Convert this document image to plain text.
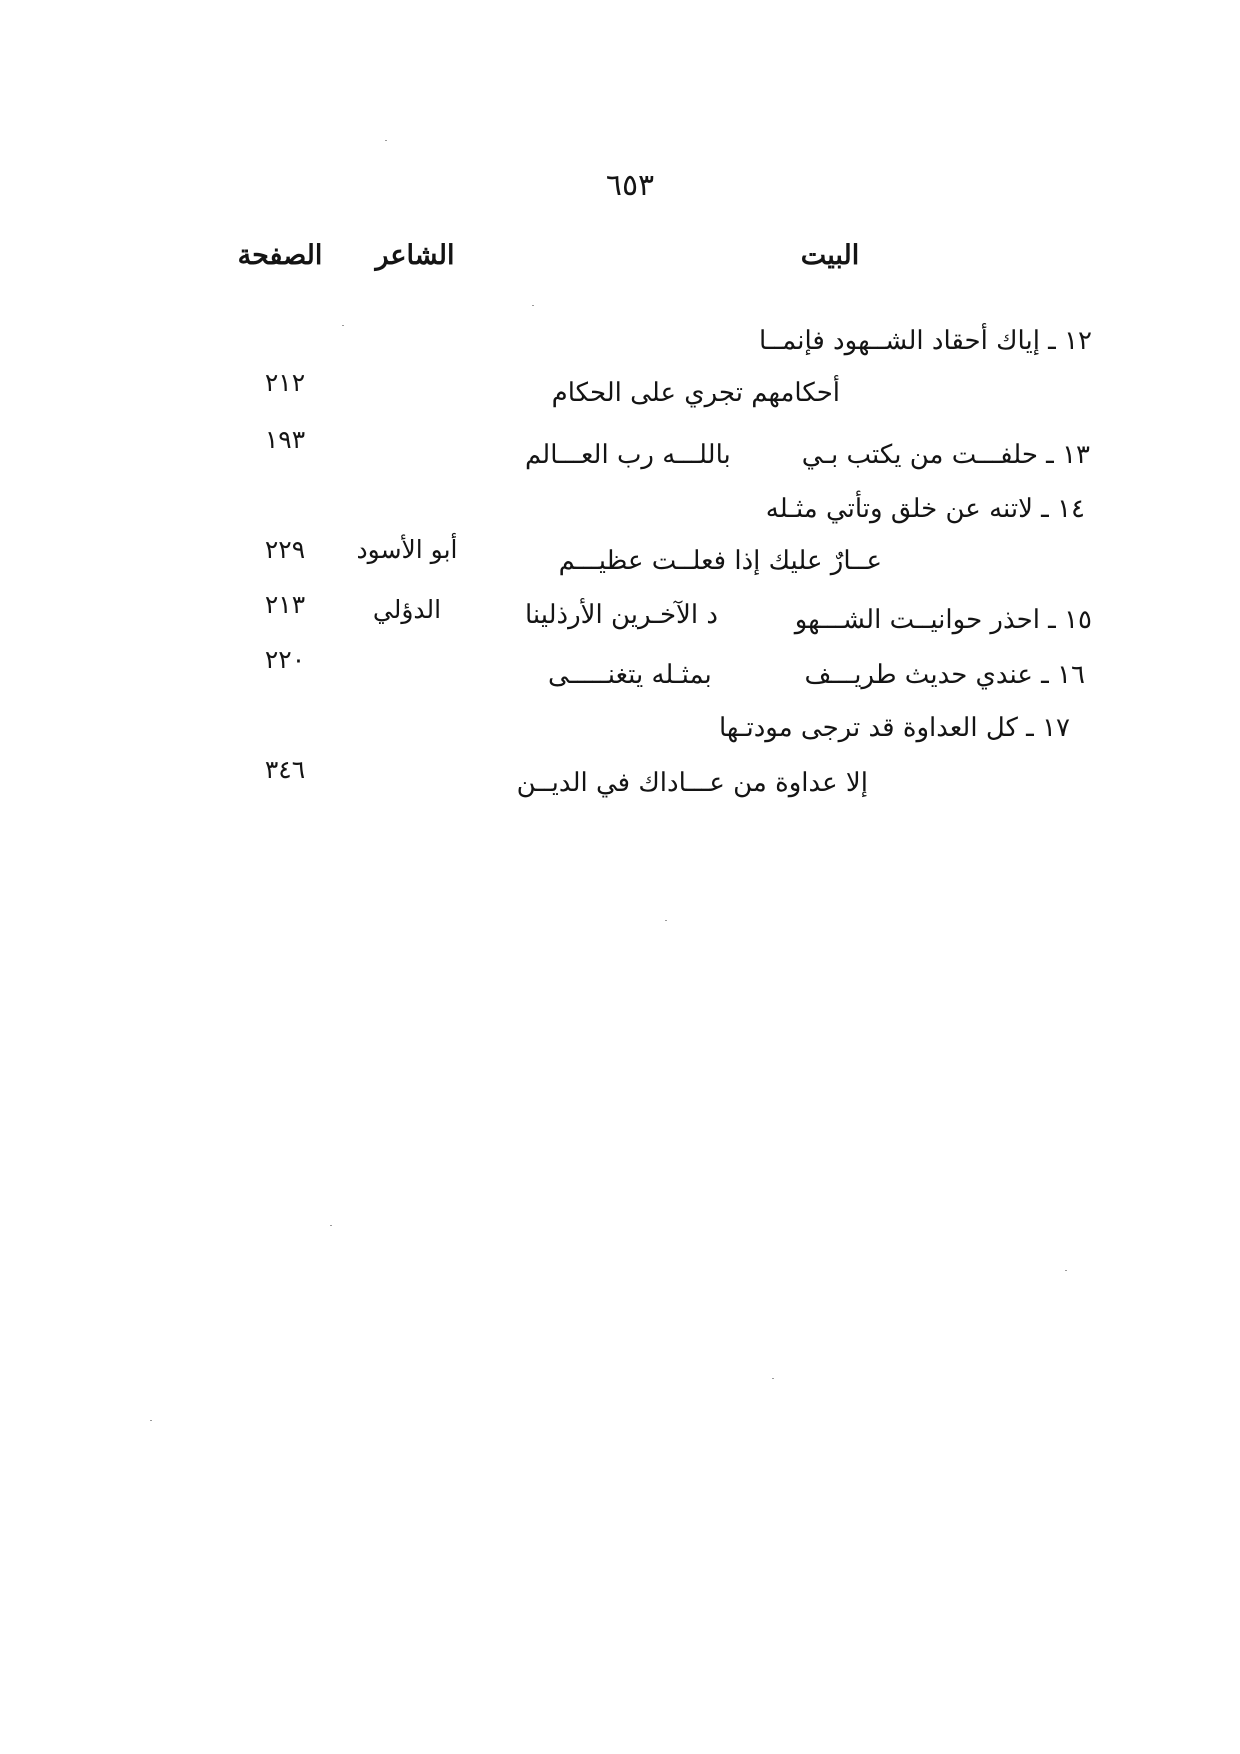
٦٥٣
البيت
الشاعر
الصفحة
١٢ ـ إياك أحقاد الشــهود فإنمــا
أحكامهم تجري على الحكام
٢١٢
١٣ ـ حلفـــت من يكتب بـي
باللـــه رب العـــالم
١٩٣
١٤ ـ لاتنه عن خلق وتأتي مثـله
عــارٌ عليك إذا فعلــت عظيـــم
أبو الأسود
٢٢٩
١٥ ـ احذر حوانيــت الشـــهو
د الآخـرين الأرذلينا
الدؤلي
٢١٣
١٦ ـ عندي حديث طريـــف
بمثـله يتغنـــــى
٢٢٠
١٧ ـ كل العداوة قد ترجى مودتـها
إلا عداوة من عـــاداك في الديــن
٣٤٦
